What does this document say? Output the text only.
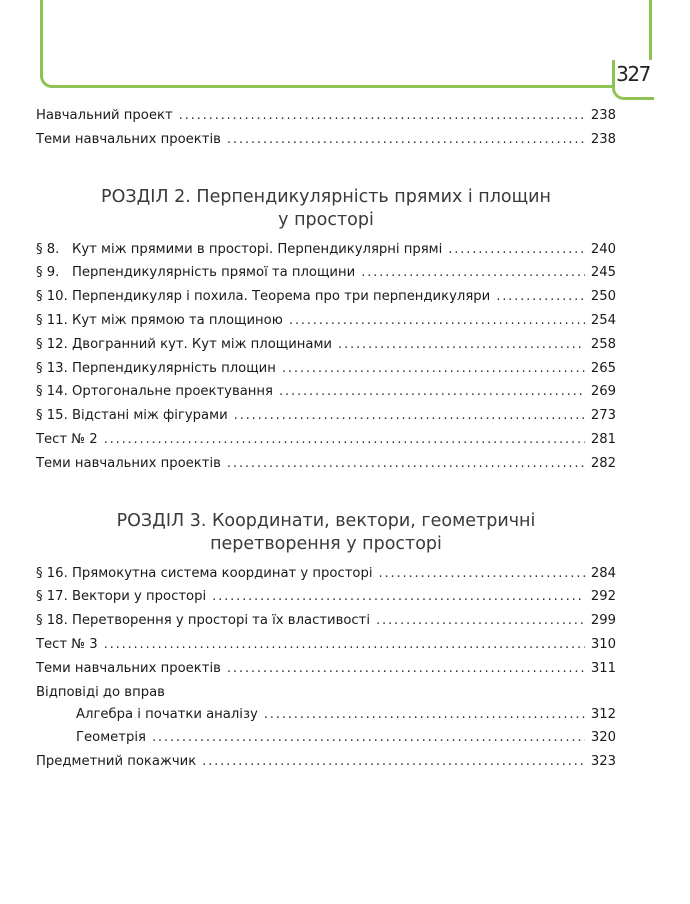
327
Навчальний проект .....	238
Теми навчальних проектів .....	238
РОЗДІЛ 2. Перпендикулярність прямих і площин
у просторі
§ 8. Кут між прямими в просторі. Перпендикулярні прямі .....	240
§ 9. Перпендикулярність прямої та площини .....	245
§ 10. Перпендикуляр і похила. Теорема про три перпендикуляри .....	250
§ 11. Кут між прямою та площиною .....	254
§ 12. Двогранний кут. Кут між площинами .....	258
§ 13. Перпендикулярність площин .....	265
§ 14. Ортогональне проектування .....	269
§ 15. Відстані між фігурами .....	273
Тест № 2 .....	281
Теми навчальних проектів .....	282
РОЗДІЛ 3. Координати, вектори, геометричні
перетворення у просторі
§ 16. Прямокутна система координат у просторі .....	284
§ 17. Вектори у просторі .....	292
§ 18. Перетворення у просторі та їх властивості .....	299
Тест № 3 .....	310
Теми навчальних проектів .....	311
Відповіді до вправ
Алгебра і початки аналізу .....	312
Геометрія .....	320
Предметний покажчик .....	323
